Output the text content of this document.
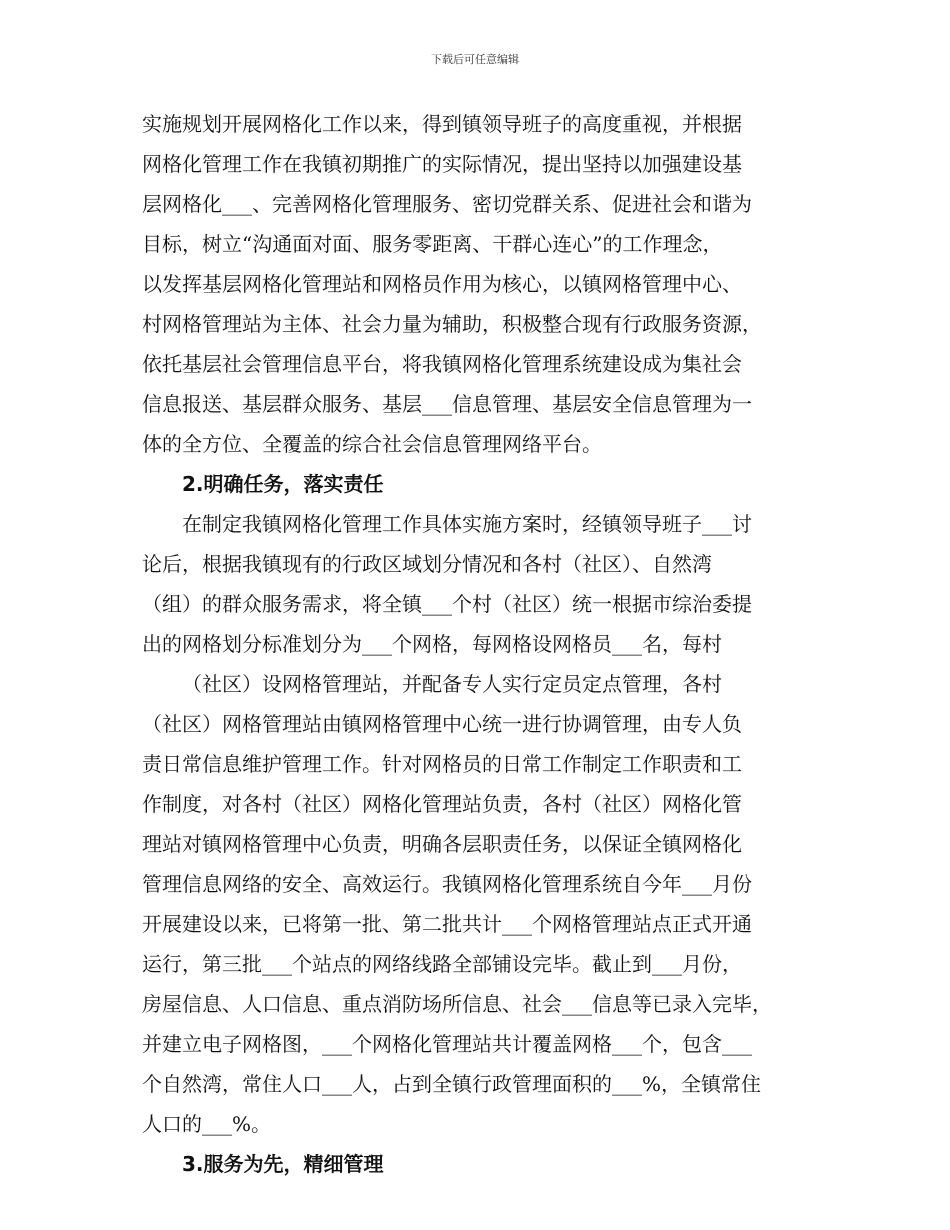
下载后可任意编辑
实施规划开展网格化工作以来，得到镇领导班子的高度重视，并根据
网格化管理工作在我镇初期推广的实际情况，提出坚持以加强建设基
层网格化___、完善网格化管理服务、密切党群关系、促进社会和谐为
目标，树立“沟通面对面、服务零距离、干群心连心”的工作理念，
以发挥基层网格化管理站和网格员作用为核心，以镇网格管理中心、
村网格管理站为主体、社会力量为辅助，积极整合现有行政服务资源，
依托基层社会管理信息平台，将我镇网格化管理系统建设成为集社会
信息报送、基层群众服务、基层___信息管理、基层安全信息管理为一
体的全方位、全覆盖的综合社会信息管理网络平台。
2.明确任务，落实责任
在制定我镇网格化管理工作具体实施方案时，经镇领导班子___讨
论后，根据我镇现有的行政区域划分情况和各村（社区）、自然湾
（组）的群众服务需求，将全镇___个村（社区）统一根据市综治委提
出的网格划分标准划分为___个网格，每网格设网格员___名，每村
（社区）设网格管理站，并配备专人实行定员定点管理，各村
（社区）网格管理站由镇网格管理中心统一进行协调管理，由专人负
责日常信息维护管理工作。针对网格员的日常工作制定工作职责和工
作制度，对各村（社区）网格化管理站负责，各村（社区）网格化管
理站对镇网格管理中心负责，明确各层职责任务，以保证全镇网格化
管理信息网络的安全、高效运行。我镇网格化管理系统自今年___月份
开展建设以来，已将第一批、第二批共计___个网格管理站点正式开通
运行，第三批___个站点的网络线路全部铺设完毕。截止到___月份，
房屋信息、人口信息、重点消防场所信息、社会___信息等已录入完毕，
并建立电子网格图，___个网格化管理站共计覆盖网格___个，包含___
个自然湾，常住人口___人，占到全镇行政管理面积的___%，全镇常住
人口的___%。
3.服务为先，精细管理
